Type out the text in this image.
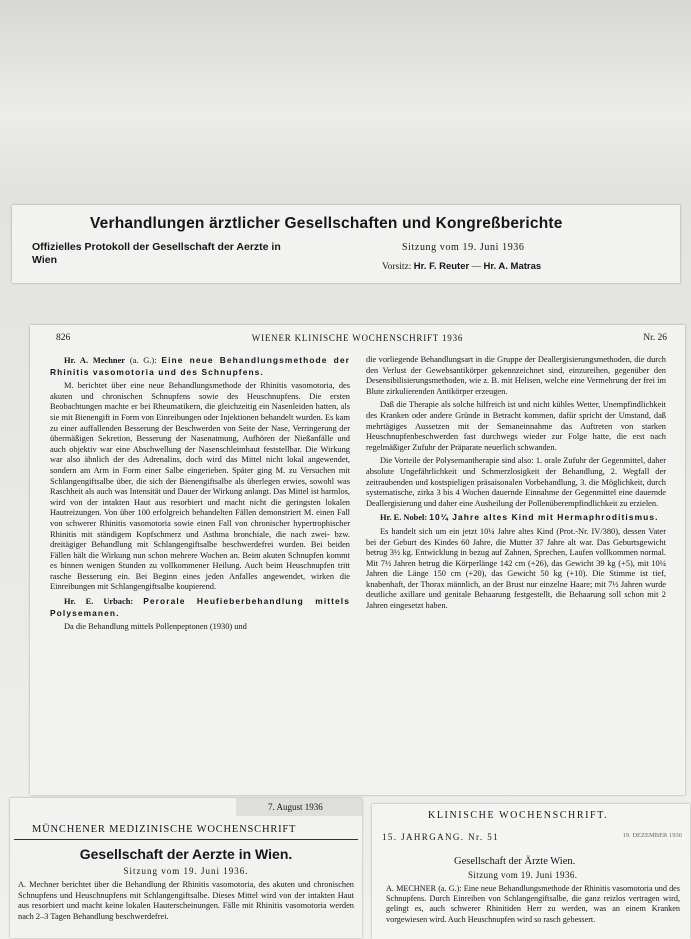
Verhandlungen ärztlicher Gesellschaften und Kongreßberichte
Offizielles Protokoll der Gesellschaft der Aerzte in Wien
Sitzung vom 19. Juni 1936
Vorsitz: Hr. F. Reuter — Hr. A. Matras
826	WIENER KLINISCHE WOCHENSCHRIFT 1936	Nr. 26

Hr. A. Mechner (a. G.): Eine neue Behandlungsmethode der Rhinitis vasomotoria und des Schnupfens.

M. berichtet über eine neue Behandlungsmethode der Rhinitis vasomotoria, des akuten und chronischen Schnupfens sowie des Heuschnupfens. Die ersten Beobachtungen machte er bei Rheumatikern, die gleichzeitig ein Nasenleiden hatten, als sie mit Bienengift in Form von Einreibungen oder Injektionen behandelt wurden. Es kam zu einer auffallenden Besserung der Beschwerden von Seite der Nase, Verringerung der übermäßigen Sekretion, Besserung der Nasenatmung, Aufhören der Nießanfälle und auch objektiv war eine Abschwellung der Nasenschleimhaut feststellbar. Die Wirkung war also ähnlich der des Adrenalins, doch wird das Mittel nicht lokal angewendet, sondern am Arm in Form einer Salbe eingerieben. Später ging M. zu Versuchen mit Schlangengiftsalbe über, die sich der Bienengiftsalbe als überlegen erwies, sowohl was Raschheit als auch was Intensität und Dauer der Wirkung anlangt. Das Mittel ist harmlos, wird von der intakten Haut aus resorbiert und macht nicht die geringsten lokalen Hautreizungen. Von über 100 erfolgreich behandelten Fällen demonstriert M. einen Fall von schwerer Rhinitis vasomotoria sowie einen Fall von chronischer hypertrophischer Rhinitis mit ständigem Kopfschmerz und Asthma bronchiale, die nach zwei- bzw. dreitägiger Behandlung mit Schlangengiftsalbe beschwerdefrei wurden. Bei beiden Fällen hält die Wirkung nun schon mehrere Wochen an. Beim akuten Schnupfen kommt es binnen wenigen Stunden zu vollkommener Heilung. Auch beim Heuschnupfen tritt rasche Besserung ein. Bei Beginn eines jeden Anfalles angewendet, wirken die Einreibungen mit Schlangengiftsalbe koupierend.

Hr. E. Urbach: Perorale Heufieberbehandlung mittels Polysemanen.

Da die Behandlung mittels Pollenpeptonen (1930) und

die vorliegende Behandlungsart in die Gruppe der Deallergisierungsmethoden, die durch den Verlust der Gewebsantikörper gekennzeichnet sind, einzureihen, gegenüber den Desensibilisierungsmethoden, wie z. B. mit Helisen, welche eine Vermehrung der frei im Blute zirkulierenden Antikörper erzeugen.

Daß die Therapie als solche hilfreich ist und nicht kühles Wetter, Unempfindlichkeit des Kranken oder andere Gründe in Betracht kommen, dafür spricht der Umstand, daß mehrtägiges Aussetzen mit der Semaneinnahme das Auftreten von starken Heuschnupfenbeschwerden fast durchwegs wieder zur Folge hatte, die erst nach regelmäßiger Zufuhr der Präparate neuerlich schwanden.

Die Vorteile der Polysemantherapie sind also: 1. orale Zufuhr der Gegenmittel, daher absolute Ungefährlichkeit und Schmerzlosigkeit der Behandlung, 2. Wegfall der zeitraubenden und kostspieligen präsaisonalen Vorbehandlung, 3. die Möglichkeit, durch systematische, zirka 3 bis 4 Wochen dauernde Einnahme der Gegenmittel eine dauernde Deallergisierung und daher eine Ausheilung der Pollenüberempfindlichkeit zu erzielen.

Hr. E. Nobel: 10¼ Jahre altes Kind mit Hermaphroditismus.

Es handelt sich um ein jetzt 10¼ Jahre altes Kind (Prot.-Nr. IV/380), dessen Vater bei der Geburt des Kindes 60 Jahre, die Mutter 37 Jahre alt war. Das Geburtsgewicht betrug 3½ kg. Entwicklung in bezug auf Zahnen, Sprechen, Laufen vollkommen normal. Mit 7½ Jahren betrug die Körperlänge 142 cm (+26), das Gewicht 39 kg (+5), mit 10¼ Jahren die Länge 150 cm (+20), das Gewicht 50 kg (+10). Die Stimme ist tief, knabenhaft, der Thorax männlich, an der Brust nur einzelne Haare; mit 7½ Jahren wurde deutliche axillare und genitale Behaarung festgestellt, die Behaarung soll schon mit 2 Jahren eingesetzt haben.

7. August 1936
MÜNCHENER MEDIZINISCHE WOCHENSCHRIFT
Gesellschaft der Aerzte in Wien.
Sitzung vom 19. Juni 1936.
A. Mechner berichtet über die Behandlung der Rhinitis vasomotoria, des akuten und chronischen Schnupfens und Heuschnupfens mit Schlangengiftsalbe. Dieses Mittel wird von der intakten Haut aus resorbiert und macht keine lokalen Hauterscheinungen. Fälle mit Rhinitis vasomotoria werden nach 2–3 Tagen Behandlung beschwerdefrei.
KLINISCHE WOCHENSCHRIFT.
15. JAHRGANG. Nr. 51	19. DEZEMBER 1936
Gesellschaft der Ärzte Wien.
Sitzung vom 19. Juni 1936.
A. MECHNER (a. G.): Eine neue Behandlungsmethode der Rhinitis vasomotoria und des Schnupfens. Durch Einreiben von Schlangengiftsalbe, die ganz reizlos vertragen wird, gelingt es, auch schwerer Rhinitiden Herr zu werden, was an einem Kranken vorgewiesen wird. Auch Heuschnupfen wird so rasch gebessert.
